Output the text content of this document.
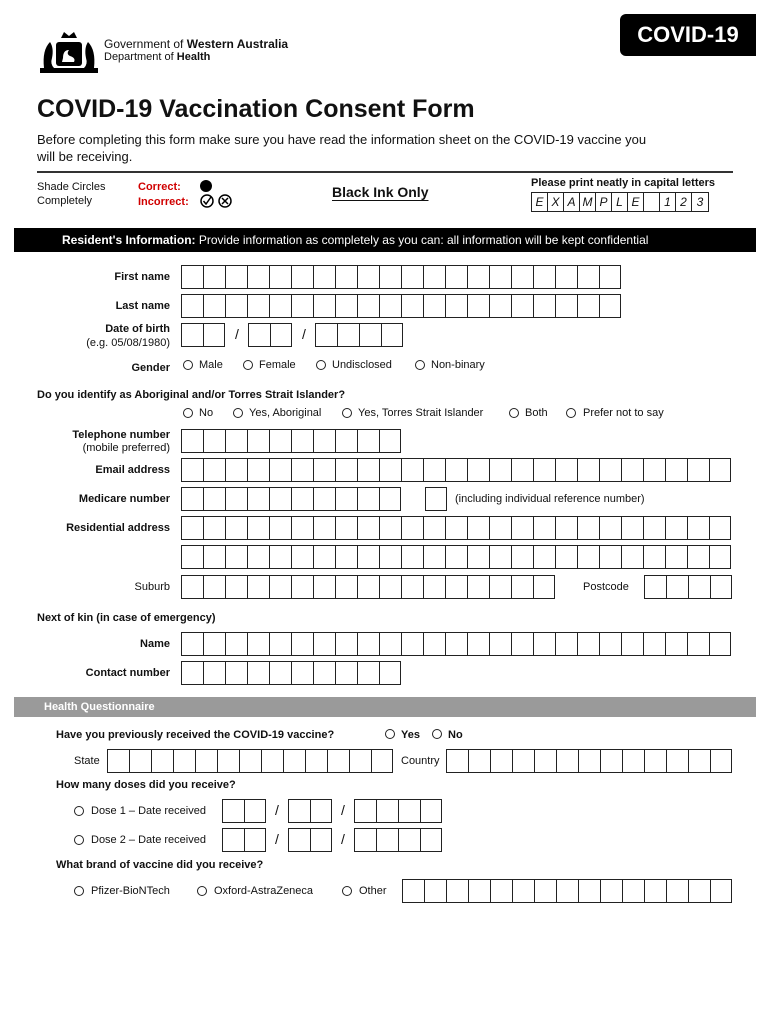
Government of Western Australia
Department of Health
COVID-19
COVID-19 Vaccination Consent Form
Before completing this form make sure you have read the information sheet on the COVID-19 vaccine you
will be receiving.
Shade Circles
Completely
Correct:
Incorrect:
Black Ink Only
Please print neatly in capital letters
E X A M P L E	1 2 3
Resident's Information: Provide information as completely as you can: all information will be kept confidential
First name
Last name
Date of birth
(e.g. 05/08/1980)
/	/
Gender	Male	Female	Undisclosed	Non-binary
Do you identify as Aboriginal and/or Torres Strait Islander?
No	Yes, Aboriginal	Yes, Torres Strait Islander	Both	Prefer not to say
Telephone number
(mobile preferred)
Email address
Medicare number	(including individual reference number)
Residential address
Suburb	Postcode
Next of kin (in case of emergency)
Name
Contact number
Health Questionnaire
Have you previously received the COVID-19 vaccine?	Yes	No
State	Country
How many doses did you receive?
Dose 1 – Date received	/	/
Dose 2 – Date received	/	/
What brand of vaccine did you receive?
Pfizer-BioNTech	Oxford-AstraZeneca	Other
